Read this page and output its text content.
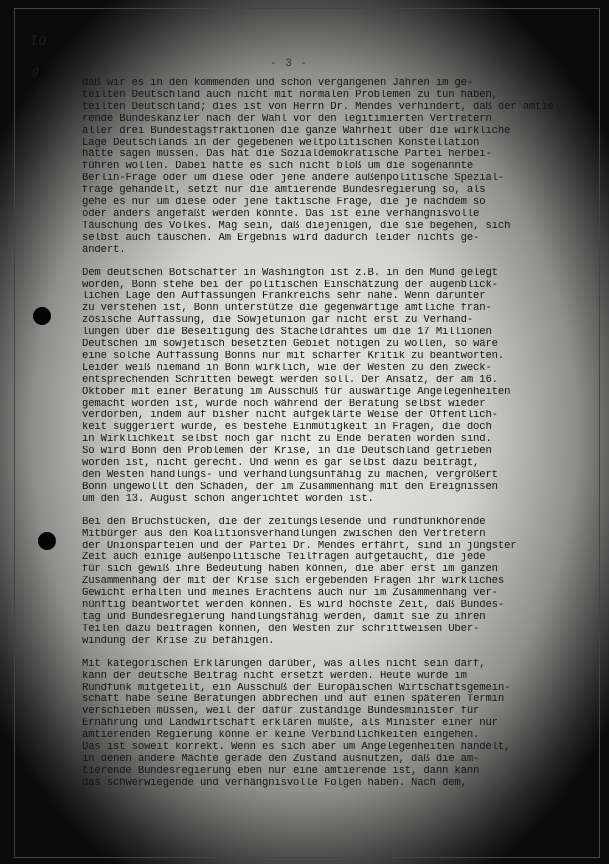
10
g	- 3 -
daß wir es in den kommenden und schon vergangenen Jahren im ge-
teilten Deutschland auch nicht mit normalen Problemen zu tun haben,
teilten Deutschland; dies ist von Herrn Dr. Mendes verhindert, daß der amtie-
rende Bundeskanzler nach der Wahl vor den legitimierten Vertretern
aller drei Bundestagsfraktionen die ganze Wahrheit über die wirkliche
Lage Deutschlands in der gegebenen weltpolitischen Konstellation
hätte sagen müssen. Das hat die Sozialdemokratische Partei herbei-
führen wollen. Dabei hätte es sich nicht bloß um die sogenannte
Berlin-Frage oder um diese oder jene andere außenpolitische Spezial-
frage gehandelt, setzt nur die amtierende Bundesregierung so, als
gehe es nur um diese oder jene taktische Frage, die je nachdem so
oder anders angefaßt werden könnte. Das ist eine verhängnisvolle
Täuschung des Volkes. Mag sein, daß diejenigen, die sie begehen, sich
selbst auch täuschen. Am Ergebnis wird dadurch leider nichts ge-
ändert.
Dem deutschen Botschafter in Washington ist z.B. in den Mund gelegt
worden, Bonn stehe bei der politischen Einschätzung der augenblick-
lichen Lage den Auffassungen Frankreichs sehr nahe. Wenn darunter
zu verstehen ist, Bonn unterstütze die gegenwärtige amtliche fran-
zösische Auffassung, die Sowjetunion gar nicht erst zu Verhand-
lungen über die Beseitigung des Stacheldrahtes um die 17 Millionen
Deutschen im sowjetisch besetzten Gebiet nötigen zu wollen, so wäre
eine solche Auffassung Bonns nur mit scharfer Kritik zu beantworten.
Leider weiß niemand in Bonn wirklich, wie der Westen zu den zweck-
entsprechenden Schritten bewegt werden soll. Der Ansatz, der am 16.
Oktober mit einer Beratung im Ausschuß für auswärtige Angelegenheiten
gemacht worden ist, wurde noch während der Beratung selbst wieder
verdorben, indem auf bisher nicht aufgeklärte Weise der Öffentlich-
keit suggeriert wurde, es bestehe Einmütigkeit in Fragen, die doch
in Wirklichkeit selbst noch gar nicht zu Ende beraten worden sind.
So wird Bonn den Problemen der Krise, in die Deutschland getrieben
worden ist, nicht gerecht. Und wenn es gar selbst dazu beiträgt,
den Westen handlungs- und verhandlungsunfähig zu machen, vergrößert
Bonn ungewollt den Schaden, der im Zusammenhang mit den Ereignissen
um den 13. August schon angerichtet worden ist.
Bei den Bruchstücken, die der zeitungslesende und rundfunkhörende
Mitbürger aus den Koalitionsverhandlungen zwischen den Vertretern
der Unionsparteien und der Partei Dr. Mendes erfährt, sind in jüngster
Zeit auch einige außenpolitische Teilfragen aufgetaucht, die jede
für sich gewiß ihre Bedeutung haben können, die aber erst im ganzen
Zusammenhang der mit der Krise sich ergebenden Fragen ihr wirkliches
Gewicht erhalten und meines Erachtens auch nur im Zusammenhang ver-
nünftig beantwortet werden können. Es wird höchste Zeit, daß Bundes-
tag und Bundesregierung handlungsfähig werden, damit sie zu ihren
Teilen dazu beitragen können, den Westen zur schrittweisen Über-
windung der Krise zu befähigen.
Mit kategorischen Erklärungen darüber, was alles nicht sein darf,
kann der deutsche Beitrag nicht ersetzt werden. Heute wurde im
Rundfunk mitgeteilt, ein Ausschuß der Europäischen Wirtschaftsgemein-
schaft habe seine Beratungen abbrechen und auf einen späteren Termin
verschieben müssen, weil der dafür zuständige Bundesminister für
Ernährung und Landwirtschaft erklären mußte, als Minister einer nur
amtierenden Regierung könne er keine Verbindlichkeiten eingehen.
Das ist soweit korrekt. Wenn es sich aber um Angelegenheiten handelt,
in denen andere Mächte gerade den Zustand ausnutzen, daß die am-
tierende Bundesregierung eben nur eine amtierende ist, dann kann
das schwerwiegende und verhängnisvolle Folgen haben. Nach dem,
